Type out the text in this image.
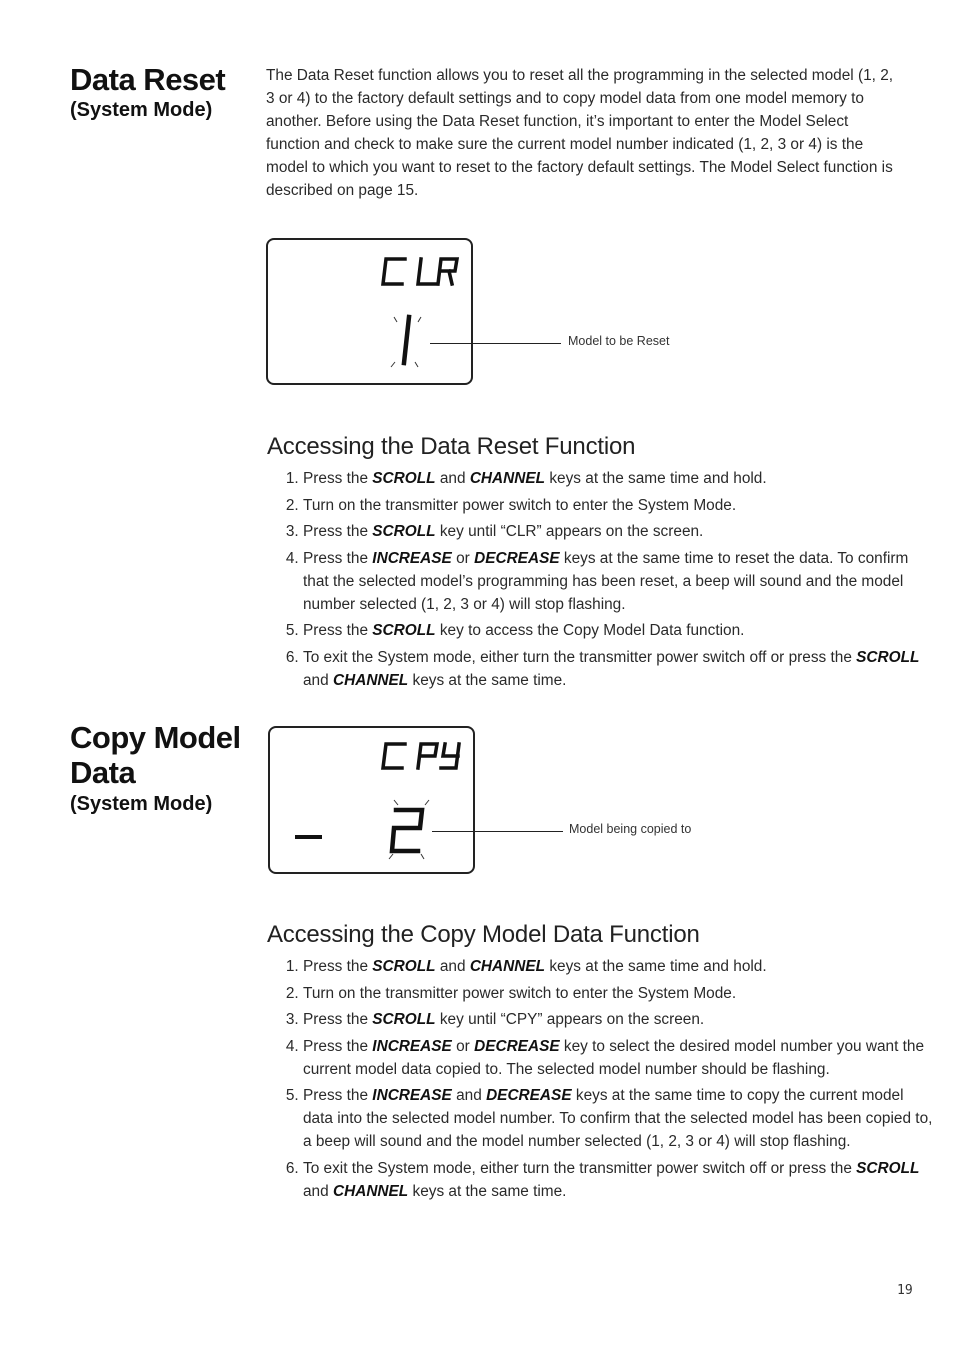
Data Reset
(System Mode)
The Data Reset function allows you to reset all the programming in the selected model (1, 2, 3 or 4) to the factory default settings and to copy model data from one model memory to another. Before using the Data Reset function, it’s important to enter the Model Select function and check to make sure the current model number indicated (1, 2, 3 or 4) is the model to which you want to reset to the factory default settings. The Model Select function is described on page 15.
Model to be Reset
Accessing the Data Reset Function
1. Press the SCROLL and CHANNEL keys at the same time and hold.
2. Turn on the transmitter power switch to enter the System Mode.
3. Press the SCROLL key until “CLR” appears on the screen.
4. Press the INCREASE or DECREASE keys at the same time to reset the data. To confirm that the selected model’s programming has been reset, a beep will sound and the model number selected (1, 2, 3 or 4) will stop flashing.
5. Press the SCROLL key to access the Copy Model Data function.
6. To exit the System mode, either turn the transmitter power switch off or press the SCROLL and CHANNEL keys at the same time.
Copy Model
Data
(System Mode)
Model being copied to
Accessing the Copy Model Data Function
1. Press the SCROLL and CHANNEL keys at the same time and hold.
2. Turn on the transmitter power switch to enter the System Mode.
3. Press the SCROLL key until “CPY” appears on the screen.
4. Press the INCREASE or DECREASE key to select the desired model number you want the current model data copied to. The selected model number should be flashing.
5. Press the INCREASE and DECREASE keys at the same time to copy the current model data into the selected model number. To confirm that the selected model has been copied to, a beep will sound and the model number selected (1, 2, 3 or 4) will stop flashing.
6. To exit the System mode, either turn the transmitter power switch off or press the SCROLL and CHANNEL keys at the same time.
19
